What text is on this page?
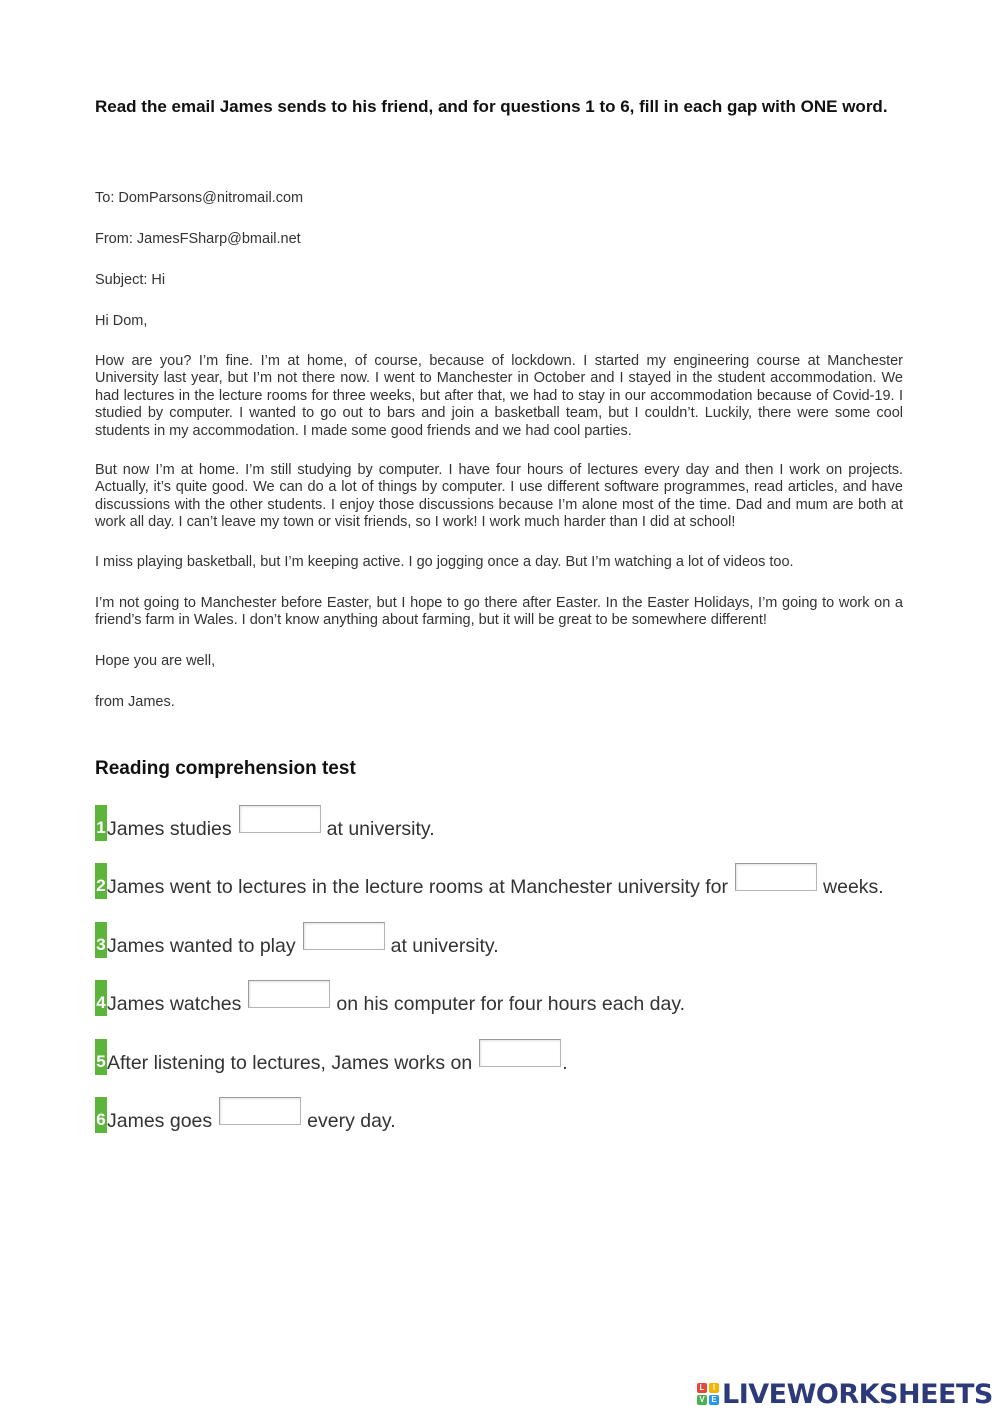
Read the email James sends to his friend, and for questions 1 to 6, fill in each gap with ONE word.

To: DomParsons@nitromail.com

From: JamesFSharp@bmail.net

Subject: Hi

Hi Dom,

How are you? I’m fine. I’m at home, of course, because of lockdown. I started my engineering course at Manchester University last year, but I’m not there now. I went to Manchester in October and I stayed in the student accommodation. We had lectures in the lecture rooms for three weeks, but after that, we had to stay in our accommodation because of Covid-19. I studied by computer. I wanted to go out to bars and join a basketball team, but I couldn’t. Luckily, there were some cool students in my accommodation. I made some good friends and we had cool parties.

But now I’m at home. I’m still studying by computer. I have four hours of lectures every day and then I work on projects. Actually, it’s quite good. We can do a lot of things by computer. I use different software programmes, read articles, and have discussions with the other students. I enjoy those discussions because I’m alone most of the time. Dad and mum are both at work all day. I can’t leave my town or visit friends, so I work! I work much harder than I did at school!

I miss playing basketball, but I’m keeping active. I go jogging once a day. But I’m watching a lot of videos too.

I’m not going to Manchester before Easter, but I hope to go there after Easter. In the Easter Holidays, I’m going to work on a friend’s farm in Wales. I don’t know anything about farming, but it will be great to be somewhere different!

Hope you are well,

from James.

Reading comprehension test

1 James studies	at university.
2 James went to lectures in the lecture rooms at Manchester university for	weeks.
3 James wanted to play	at university.
4 James watches	on his computer for four hours each day.
5 After listening to lectures, James works on	.
6 James goes	every day.
L	I
V E LIVEWORKSHEETS
